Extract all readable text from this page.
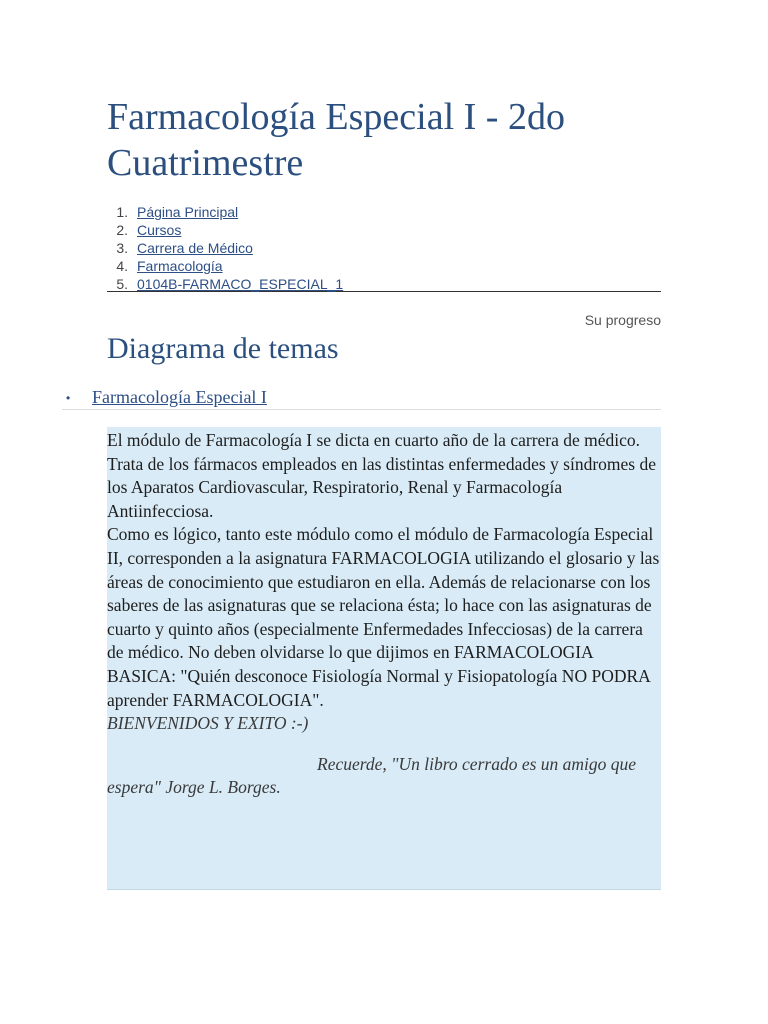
Farmacología Especial I - 2do Cuatrimestre
1. Página Principal
2. Cursos
3. Carrera de Médico
4. Farmacología
5. 0104B-FARMACO_ESPECIAL_1
Su progreso
Diagrama de temas
• Farmacología Especial I

El módulo de Farmacología I se dicta en cuarto año de la carrera de médico. Trata de los fármacos empleados en las distintas enfermedades y síndromes de los Aparatos Cardiovascular, Respiratorio, Renal y Farmacología Antiinfecciosa.

Como es lógico, tanto este módulo como el módulo de Farmacología Especial II, corresponden a la asignatura FARMACOLOGIA utilizando el glosario y las áreas de conocimiento que estudiaron en ella. Además de relacionarse con los saberes de las asignaturas que se relaciona ésta; lo hace con las asignaturas de cuarto y quinto años (especialmente Enfermedades Infecciosas) de la carrera de médico. No deben olvidarse lo que dijimos en FARMACOLOGIA BASICA: "Quién desconoce Fisiología Normal y Fisiopatología NO PODRA aprender FARMACOLOGIA".

BIENVENIDOS Y EXITO :-)

Recuerde, "Un libro cerrado es un amigo que espera" Jorge L. Borges.
